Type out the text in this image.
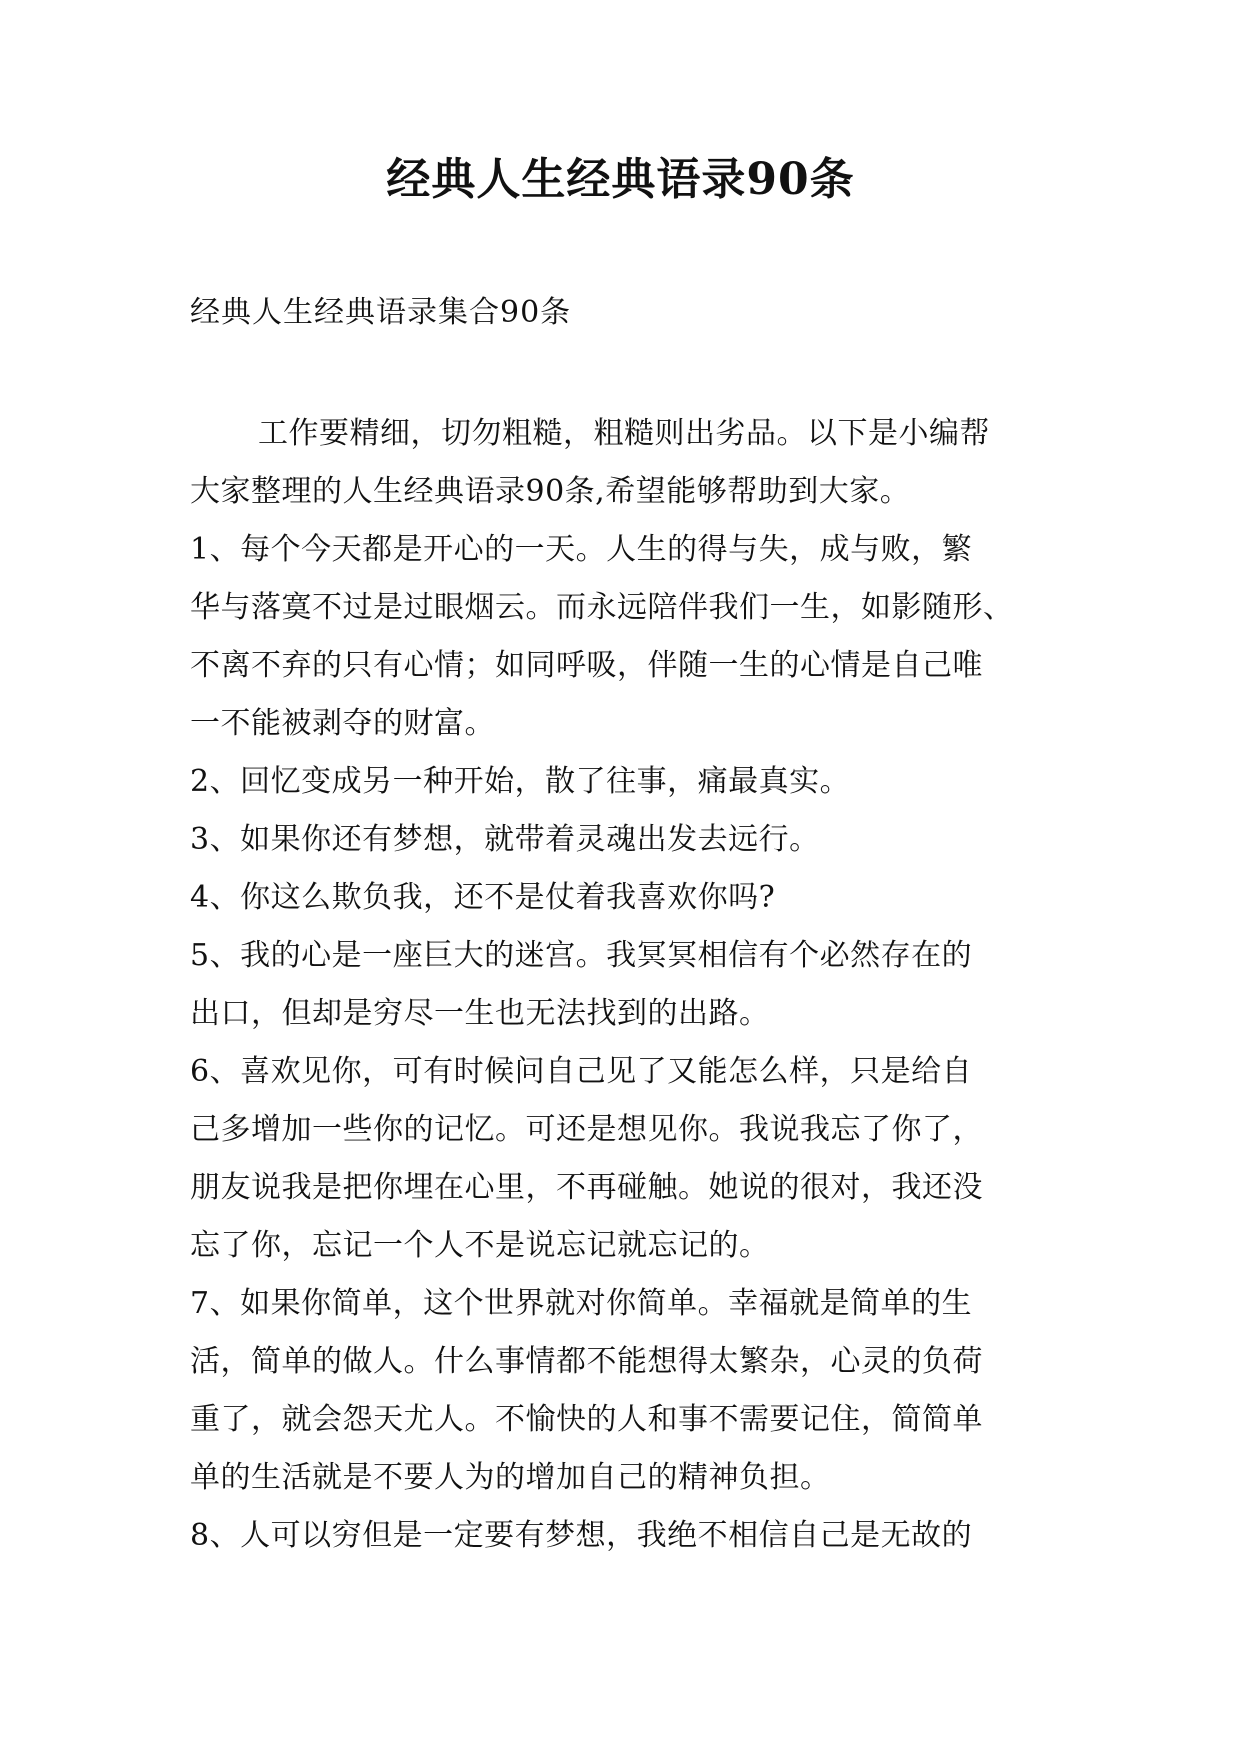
经典人生经典语录90条
经典人生经典语录集合90条
工作要精细，切勿粗糙，粗糙则出劣品。以下是小编帮
大家整理的人生经典语录90条,希望能够帮助到大家。
1、每个今天都是开心的一天。人生的得与失，成与败，繁
华与落寞不过是过眼烟云。而永远陪伴我们一生，如影随形、
不离不弃的只有心情；如同呼吸，伴随一生的心情是自己唯
一不能被剥夺的财富。
2、回忆变成另一种开始，散了往事，痛最真实。
3、如果你还有梦想，就带着灵魂出发去远行。
4、你这么欺负我，还不是仗着我喜欢你吗?
5、我的心是一座巨大的迷宫。我冥冥相信有个必然存在的
出口，但却是穷尽一生也无法找到的出路。
6、喜欢见你，可有时候问自己见了又能怎么样，只是给自
己多增加一些你的记忆。可还是想见你。我说我忘了你了，
朋友说我是把你埋在心里，不再碰触。她说的很对，我还没
忘了你，忘记一个人不是说忘记就忘记的。
7、如果你简单，这个世界就对你简单。幸福就是简单的生
活，简单的做人。什么事情都不能想得太繁杂，心灵的负荷
重了，就会怨天尤人。不愉快的人和事不需要记住，简简单
单的生活就是不要人为的增加自己的精神负担。
8、人可以穷但是一定要有梦想，我绝不相信自己是无故的
